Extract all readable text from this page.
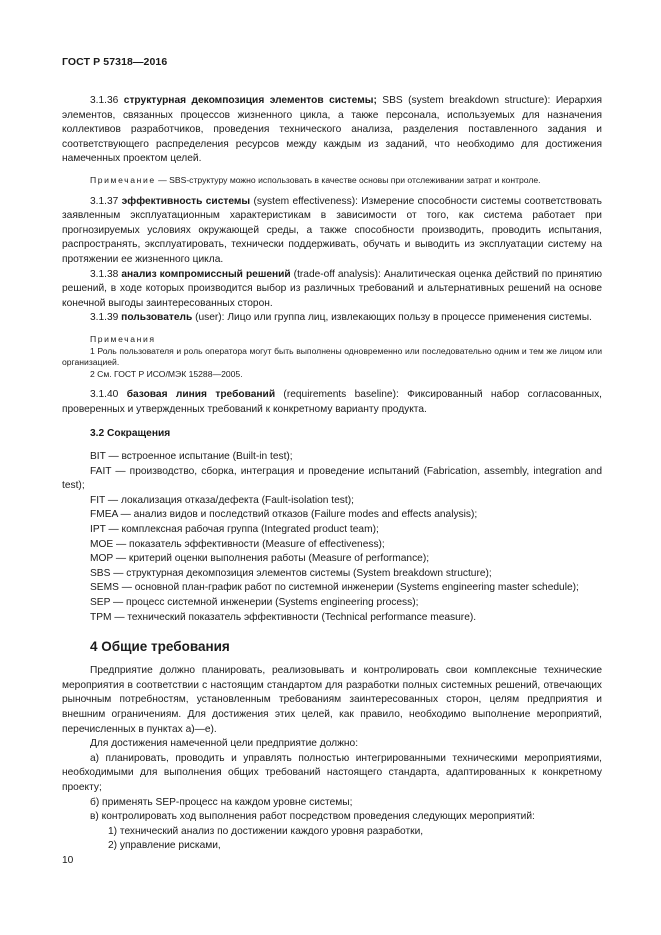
ГОСТ Р 57318—2016

3.1.36 структурная декомпозиция элементов системы; SBS (system breakdown structure): Иерархия элементов, связанных процессов жизненного цикла, а также персонала, используемых для назначения коллективов разработчиков, проведения технического анализа, разделения поставленного задания и соответствующего распределения ресурсов между каждым из заданий, что необходимо для достижения намеченных проектом целей.

Примечание — SBS-структуру можно использовать в качестве основы при отслеживании затрат и контроле.

3.1.37 эффективность системы (system effectiveness): Измерение способности системы соответствовать заявленным эксплуатационным характеристикам в зависимости от того, как система работает при прогнозируемых условиях окружающей среды, а также способности производить, проводить испытания, распространять, эксплуатировать, технически поддерживать, обучать и выводить из эксплуатации систему на протяжении ее жизненного цикла.

3.1.38 анализ компромиссный решений (trade-off analysis): Аналитическая оценка действий по принятию решений, в ходе которых производится выбор из различных требований и альтернативных решений на основе конечной выгоды заинтересованных сторон.

3.1.39 пользователь (user): Лицо или группа лиц, извлекающих пользу в процессе применения системы.

Примечания

1 Роль пользователя и роль оператора могут быть выполнены одновременно или последовательно одним и тем же лицом или организацией.

2 См. ГОСТ Р ИСО/МЭК 15288—2005.

3.1.40 базовая линия требований (requirements baseline): Фиксированный набор согласованных, проверенных и утвержденных требований к конкретному варианту продукта.

3.2 Сокращения

BIT — встроенное испытание (Built-in test);

FAIT — производство, сборка, интеграция и проведение испытаний (Fabrication, assembly, integration and test);

FIT — локализация отказа/дефекта (Fault-isolation test);

FMEA — анализ видов и последствий отказов (Failure modes and effects analysis);

IPT — комплексная рабочая группа (Integrated product team);

MOE — показатель эффективности (Measure of effectiveness);

MOP — критерий оценки выполнения работы (Measure of performance);

SBS — структурная декомпозиция элементов системы (System breakdown structure);

SEMS — основной план-график работ по системной инженерии (Systems engineering master schedule);

SEP — процесс системной инженерии (Systems engineering process);

TPM — технический показатель эффективности (Technical performance measure).

4 Общие требования

Предприятие должно планировать, реализовывать и контролировать свои комплексные технические мероприятия в соответствии с настоящим стандартом для разработки полных системных решений, отвечающих рыночным потребностям, установленным требованиям заинтересованных сторон, целям предприятия и внешним ограничениям. Для достижения этих целей, как правило, необходимо выполнение мероприятий, перечисленных в пунктах а)—е).

Для достижения намеченной цели предприятие должно:

а) планировать, проводить и управлять полностью интегрированными техническими мероприятиями, необходимыми для выполнения общих требований настоящего стандарта, адаптированных к конкретному проекту;

б) применять SEP-процесс на каждом уровне системы;

в) контролировать ход выполнения работ посредством проведения следующих мероприятий:

1) технический анализ по достижении каждого уровня разработки,

2) управление рисками,

10
